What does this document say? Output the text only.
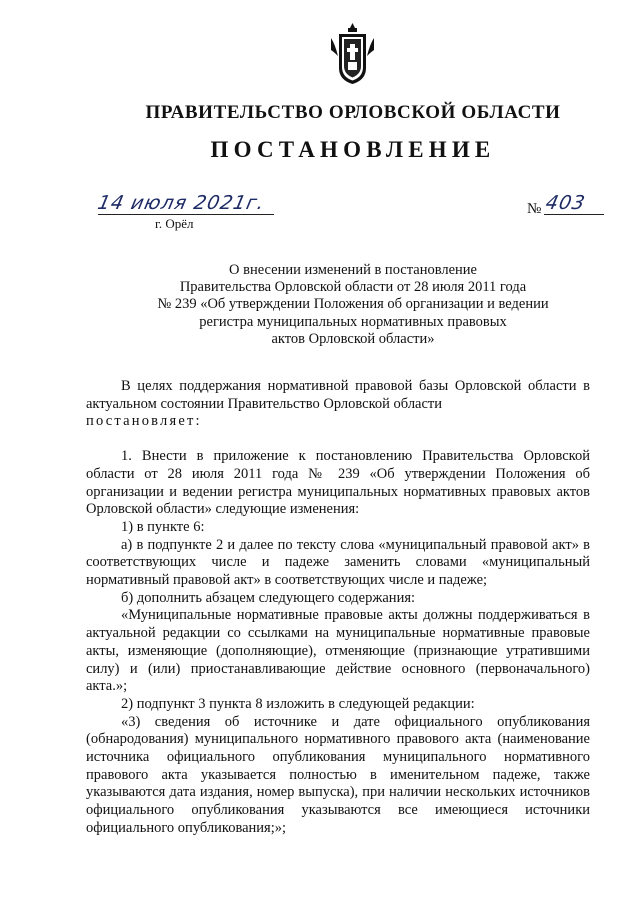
ПРАВИТЕЛЬСТВО ОРЛОВСКОЙ ОБЛАСТИ
ПОСТАНОВЛЕНИЕ
14 июля 2021г.
г. Орёл
№ 403
О внесении изменений в постановление
Правительства Орловской области от 28 июля 2011 года
№ 239 «Об утверждении Положения об организации и ведении
регистра муниципальных нормативных правовых
актов Орловской области»

В целях поддержания нормативной правовой базы Орловской области в актуальном состоянии Правительство Орловской области

постановляет:

1. Внести в приложение к постановлению Правительства Орловской области от 28 июля 2011 года № 239 «Об утверждении Положения об организации и ведении регистра муниципальных нормативных правовых актов Орловской области» следующие изменения:

1) в пункте 6:

а) в подпункте 2 и далее по тексту слова «муниципальный правовой акт» в соответствующих числе и падеже заменить словами «муниципальный нормативный правовой акт» в соответствующих числе и падеже;

б) дополнить абзацем следующего содержания:

«Муниципальные нормативные правовые акты должны поддерживаться в актуальной редакции со ссылками на муниципальные нормативные правовые акты, изменяющие (дополняющие), отменяющие (признающие утратившими силу) и (или) приостанавливающие действие основного (первоначального) акта.»;

2) подпункт 3 пункта 8 изложить в следующей редакции:

«3) сведения об источнике и дате официального опубликования (обнародования) муниципального нормативного правового акта (наименование источника официального опубликования муниципального нормативного правового акта указывается полностью в именительном падеже, также указываются дата издания, номер выпуска), при наличии нескольких источников официального опубликования указываются все имеющиеся источники официального опубликования;»;
